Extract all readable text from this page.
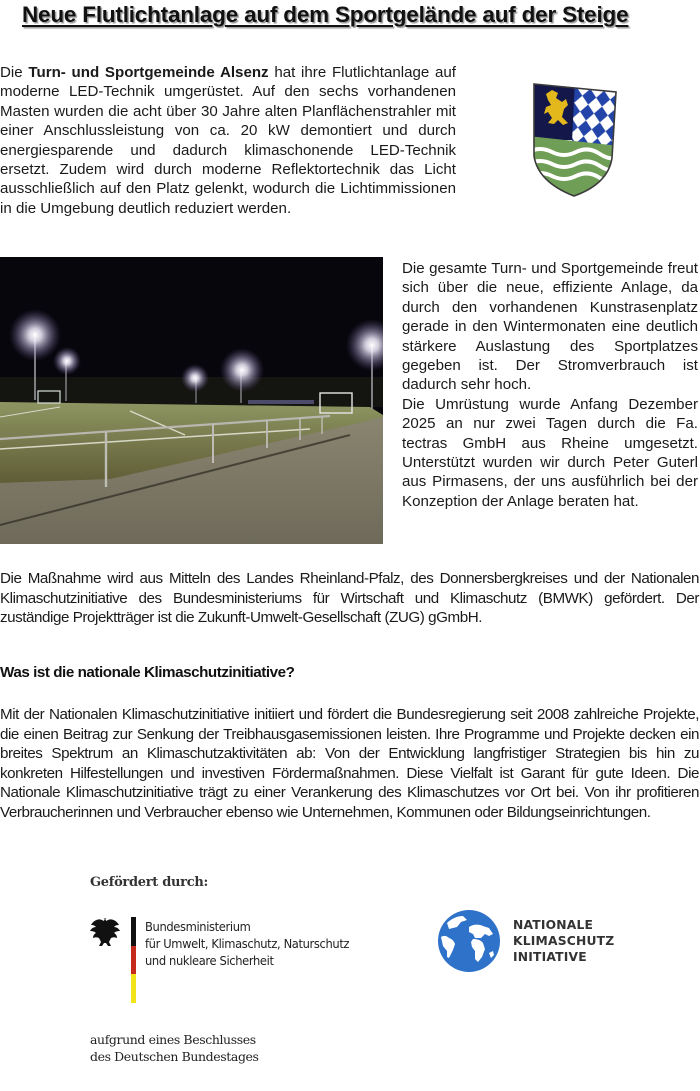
Neue Flutlichtanlage auf dem Sportgelände auf der Steige
Die Turn- und Sportgemeinde Alsenz hat ihre Flutlichtanlage auf moderne LED-Technik umgerüstet. Auf den sechs vorhandenen Masten wurden die acht über 30 Jahre alten Planflächenstrahler mit einer Anschlussleistung von ca. 20 kW demontiert und durch energiesparende und dadurch klimaschonende LED-Technik ersetzt. Zudem wird durch moderne Reflektortechnik das Licht ausschließlich auf den Platz gelenkt, wodurch die Lichtimmissionen in die Umgebung deutlich reduziert werden.
Die gesamte Turn- und Sportgemeinde freut sich über die neue, effiziente Anlage, da durch den vorhandenen Kunstrasenplatz gerade in den Wintermonaten eine deutlich stärkere Auslastung des Sportplatzes gegeben ist. Der Stromverbrauch ist dadurch sehr hoch.
Die Umrüstung wurde Anfang Dezember 2025 an nur zwei Tagen durch die Fa. tectras GmbH aus Rheine umgesetzt. Unterstützt wurden wir durch Peter Guterl aus Pirmasens, der uns ausführlich bei der Konzeption der Anlage beraten hat.
Die Maßnahme wird aus Mitteln des Landes Rheinland-Pfalz, des Donnersbergkreises und der Nationalen Klimaschutzinitiative des Bundesministeriums für Wirtschaft und Klimaschutz (BMWK) gefördert. Der zuständige Projektträger ist die Zukunft-Umwelt-Gesellschaft (ZUG) gGmbH.
Was ist die nationale Klimaschutzinitiative?
Mit der Nationalen Klimaschutzinitiative initiiert und fördert die Bundesregierung seit 2008 zahlreiche Projekte, die einen Beitrag zur Senkung der Treibhausgasemissionen leisten. Ihre Programme und Projekte decken ein breites Spektrum an Klimaschutzaktivitäten ab: Von der Entwicklung langfristiger Strategien bis hin zu konkreten Hilfestellungen und investiven Fördermaßnahmen. Diese Vielfalt ist Garant für gute Ideen. Die Nationale Klimaschutzinitiative trägt zu einer Verankerung des Klimaschutzes vor Ort bei. Von ihr profitieren Verbraucherinnen und Verbraucher ebenso wie Unternehmen, Kommunen oder Bildungseinrichtungen.
Gefördert durch:
Bundesministerium
für Umwelt, Klimaschutz, Naturschutz
und nukleare Sicherheit
NATIONALE
KLIMASCHUTZ
INITIATIVE
aufgrund eines Beschlusses
des Deutschen Bundestages
